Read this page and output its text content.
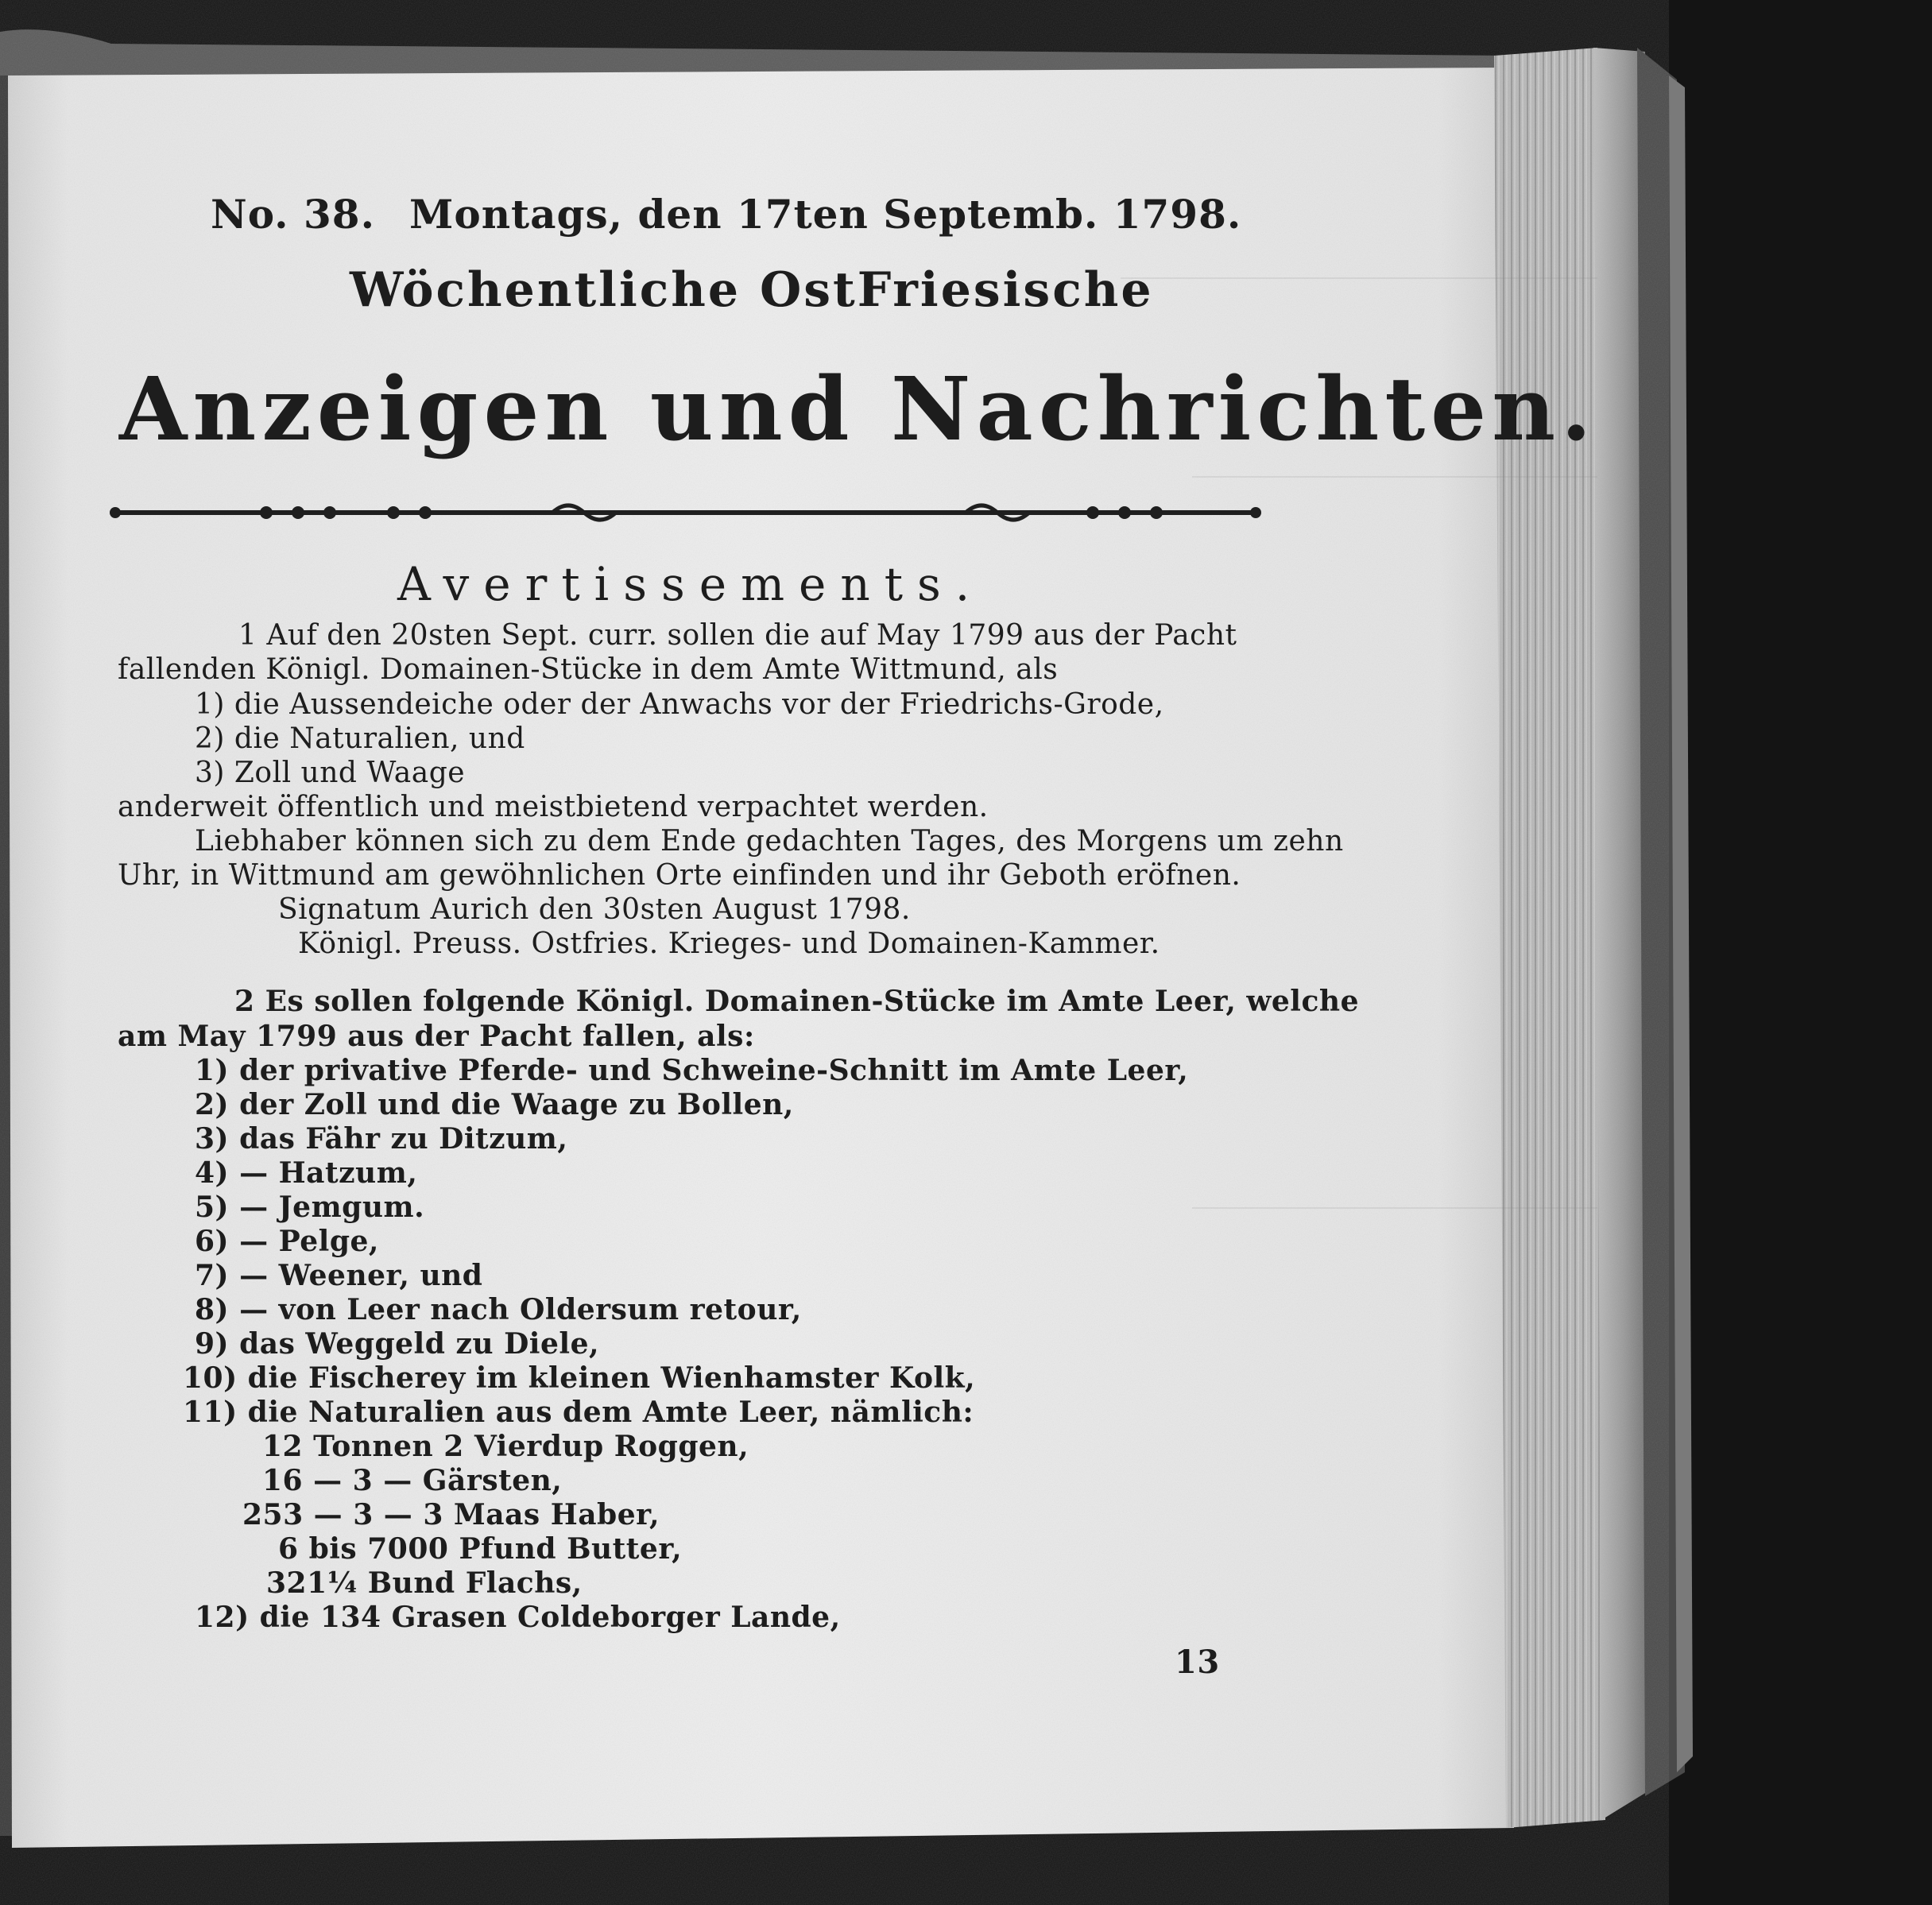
――――――――――――――――――――
―――――――――――――――――
―――――――――――――――――

No. 38. Montags, den 17ten Septemb. 1798.

Wöchentliche OstFriesische

Anzeigen und Nachrichten.

Avertissements.

1 Auf den 20sten Sept. curr. sollen die auf May 1799 aus der Pacht

fallenden Königl. Domainen-Stücke in dem Amte Wittmund, als

1) die Aussendeiche oder der Anwachs vor der Friedrichs-Grode,

2) die Naturalien, und

3) Zoll und Waage

anderweit öffentlich und meistbietend verpachtet werden.

Liebhaber können sich zu dem Ende gedachten Tages, des Morgens um zehn

Uhr, in Wittmund am gewöhnlichen Orte einfinden und ihr Geboth eröfnen.

Signatum Aurich den 30sten August 1798.

Königl. Preuss. Ostfries. Krieges- und Domainen-Kammer.

2 Es sollen folgende Königl. Domainen-Stücke im Amte Leer, welche

am May 1799 aus der Pacht fallen, als:

1) der privative Pferde- und Schweine-Schnitt im Amte Leer,

2) der Zoll und die Waage zu Bollen,

3) das Fähr zu Ditzum,

4) — Hatzum,

5) — Jemgum.

6) — Pelge,

7) — Weener, und

8) — von Leer nach Oldersum retour,

9) das Weggeld zu Diele,

10) die Fischerey im kleinen Wienhamster Kolk,

11) die Naturalien aus dem Amte Leer, nämlich:

12 Tonnen 2 Vierdup Roggen,

16 — 3 — Gärsten,

253 — 3 — 3 Maas Haber,

6 bis 7000 Pfund Butter,

321¼ Bund Flachs,

12) die 134 Grasen Coldeborger Lande,

13
